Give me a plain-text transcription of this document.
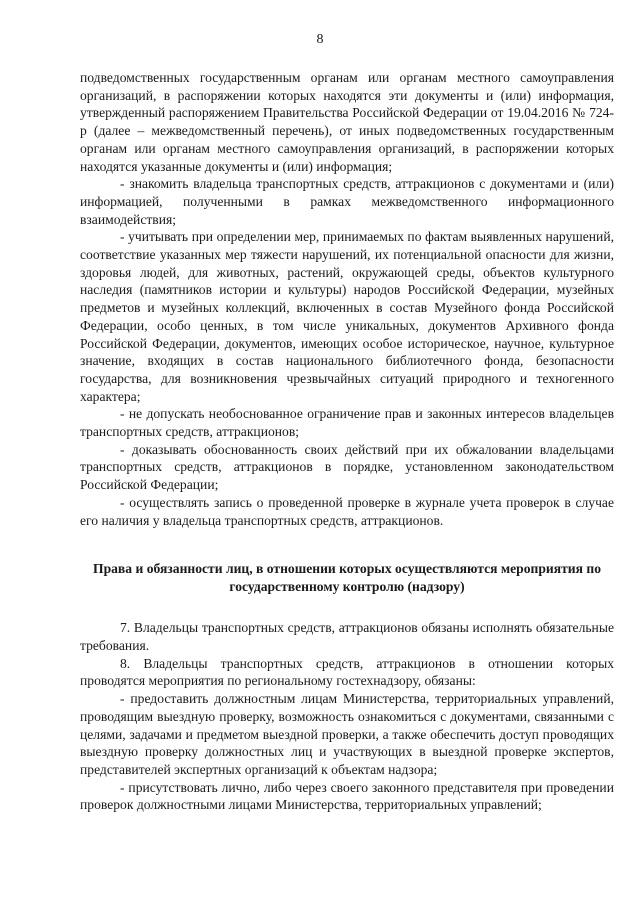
8

подведомственных государственным органам или органам местного самоуправления организаций, в распоряжении которых находятся эти документы и (или) информация, утвержденный распоряжением Правительства Российской Федерации от 19.04.2016 № 724-р (далее – межведомственный перечень), от иных подведомственных государственным органам или органам местного самоуправления организаций, в распоряжении которых находятся указанные документы и (или) информация;

- знакомить владельца транспортных средств, аттракционов с документами и (или) информацией, полученными в рамках межведомственного информационного взаимодействия;

- учитывать при определении мер, принимаемых по фактам выявленных нарушений, соответствие указанных мер тяжести нарушений, их потенциальной опасности для жизни, здоровья людей, для животных, растений, окружающей среды, объектов культурного наследия (памятников истории и культуры) народов Российской Федерации, музейных предметов и музейных коллекций, включенных в состав Музейного фонда Российской Федерации, особо ценных, в том числе уникальных, документов Архивного фонда Российской Федерации, документов, имеющих особое историческое, научное, культурное значение, входящих в состав национального библиотечного фонда, безопасности государства, для возникновения чрезвычайных ситуаций природного и техногенного характера;

- не допускать необоснованное ограничение прав и законных интересов владельцев транспортных средств, аттракционов;

- доказывать обоснованность своих действий при их обжаловании владельцами транспортных средств, аттракционов в порядке, установленном законодательством Российской Федерации;

- осуществлять запись о проведенной проверке в журнале учета проверок в случае его наличия у владельца транспортных средств, аттракционов.

Права и обязанности лиц, в отношении которых осуществляются мероприятия по государственному контролю (надзору)

7. Владельцы транспортных средств, аттракционов обязаны исполнять обязательные требования.

8. Владельцы транспортных средств, аттракционов в отношении которых проводятся мероприятия по региональному гостехнадзору, обязаны:

- предоставить должностным лицам Министерства, территориальных управлений, проводящим выездную проверку, возможность ознакомиться с документами, связанными с целями, задачами и предметом выездной проверки, а также обеспечить доступ проводящих выездную проверку должностных лиц и участвующих в выездной проверке экспертов, представителей экспертных организаций к объектам надзора;

- присутствовать лично, либо через своего законного представителя при проведении проверок должностными лицами Министерства, территориальных управлений;
